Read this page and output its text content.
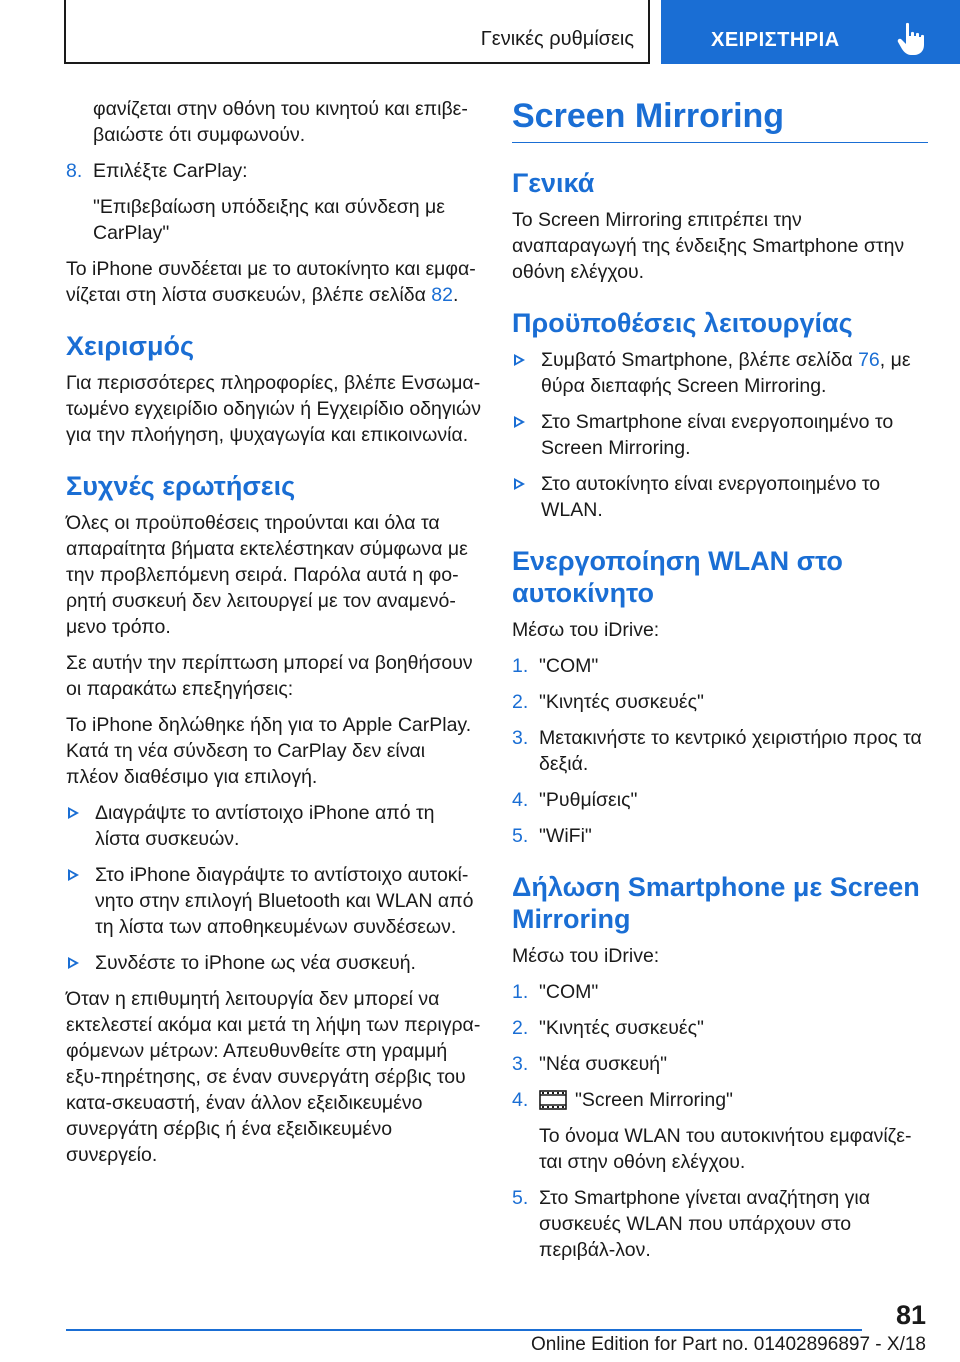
Γενικές ρυθμίσεις	ΧΕΙΡΙΣΤΗΡΙΑ

φανίζεται στην οθόνη του κινητού και επιβε-βαιώστε ότι συμφωνούν.

8. Επιλέξτε CarPlay:
"Επιβεβαίωση υπόδειξης και σύνδεση με CarPlay"

Το iPhone συνδέεται με το αυτοκίνητο και εμφα-νίζεται στη λίστα συσκευών, βλέπε σελίδα 82.

Χειρισμός

Για περισσότερες πληροφορίες, βλέπε Ενσωμα-τωμένο εγχειρίδιο οδηγιών ή Εγχειρίδιο οδηγιών για την πλοήγηση, ψυχαγωγία και επικοινωνία.

Συχνές ερωτήσεις

Όλες οι προϋποθέσεις τηρούνται και όλα τα απαραίτητα βήματα εκτελέστηκαν σύμφωνα με την προβλεπόμενη σειρά. Παρόλα αυτά η φο-ρητή συσκευή δεν λειτουργεί με τον αναμενό-μενο τρόπο.

Σε αυτήν την περίπτωση μπορεί να βοηθήσουν οι παρακάτω επεξηγήσεις:

Το iPhone δηλώθηκε ήδη για το Apple CarPlay. Κατά τη νέα σύνδεση το CarPlay δεν είναι πλέον διαθέσιμο για επιλογή.

Διαγράψτε το αντίστοιχο iPhone από τη λίστα συσκευών.
Στο iPhone διαγράψτε το αντίστοιχο αυτοκί-νητο στην επιλογή Bluetooth και WLAN από τη λίστα των αποθηκευμένων συνδέσεων.
Συνδέστε το iPhone ως νέα συσκευή.

Όταν η επιθυμητή λειτουργία δεν μπορεί να εκτελεστεί ακόμα και μετά τη λήψη των περιγρα-φόμενων μέτρων: Απευθυνθείτε στη γραμμή εξυ-πηρέτησης, σε έναν συνεργάτη σέρβις του κατα-σκευαστή, έναν άλλον εξειδικευμένο συνεργάτη σέρβις ή ένα εξειδικευμένο συνεργείο.

Screen Mirroring
Γενικά

Το Screen Mirroring επιτρέπει την αναπαραγωγή της ένδειξης Smartphone στην οθόνη ελέγχου.

Προϋποθέσεις λειτουργίας
Συμβατό Smartphone, βλέπε σελίδα 76, με θύρα διεπαφής Screen Mirroring.
Στο Smartphone είναι ενεργοποιημένο το Screen Mirroring.
Στο αυτοκίνητο είναι ενεργοποιημένο το WLAN.
Ενεργοποίηση WLAN στο αυτοκίνητο

Μέσω του iDrive:

1. "COM"
2. "Κινητές συσκευές"
3. Μετακινήστε το κεντρικό χειριστήριο προς τα δεξιά.
4. "Ρυθμίσεις"
5. "WiFi"
Δήλωση Smartphone με Screen Mirroring

Μέσω του iDrive:

1. "COM"
2. "Κινητές συσκευές"
3. "Νέα συσκευή"
4.	"Screen Mirroring"
Το όνομα WLAN του αυτοκινήτου εμφανίζε-ται στην οθόνη ελέγχου.
5. Στο Smartphone γίνεται αναζήτηση για συσκευές WLAN που υπάρχουν στο περιβάλ-λον.
81
Online Edition for Part no. 01402896897 - X/18
